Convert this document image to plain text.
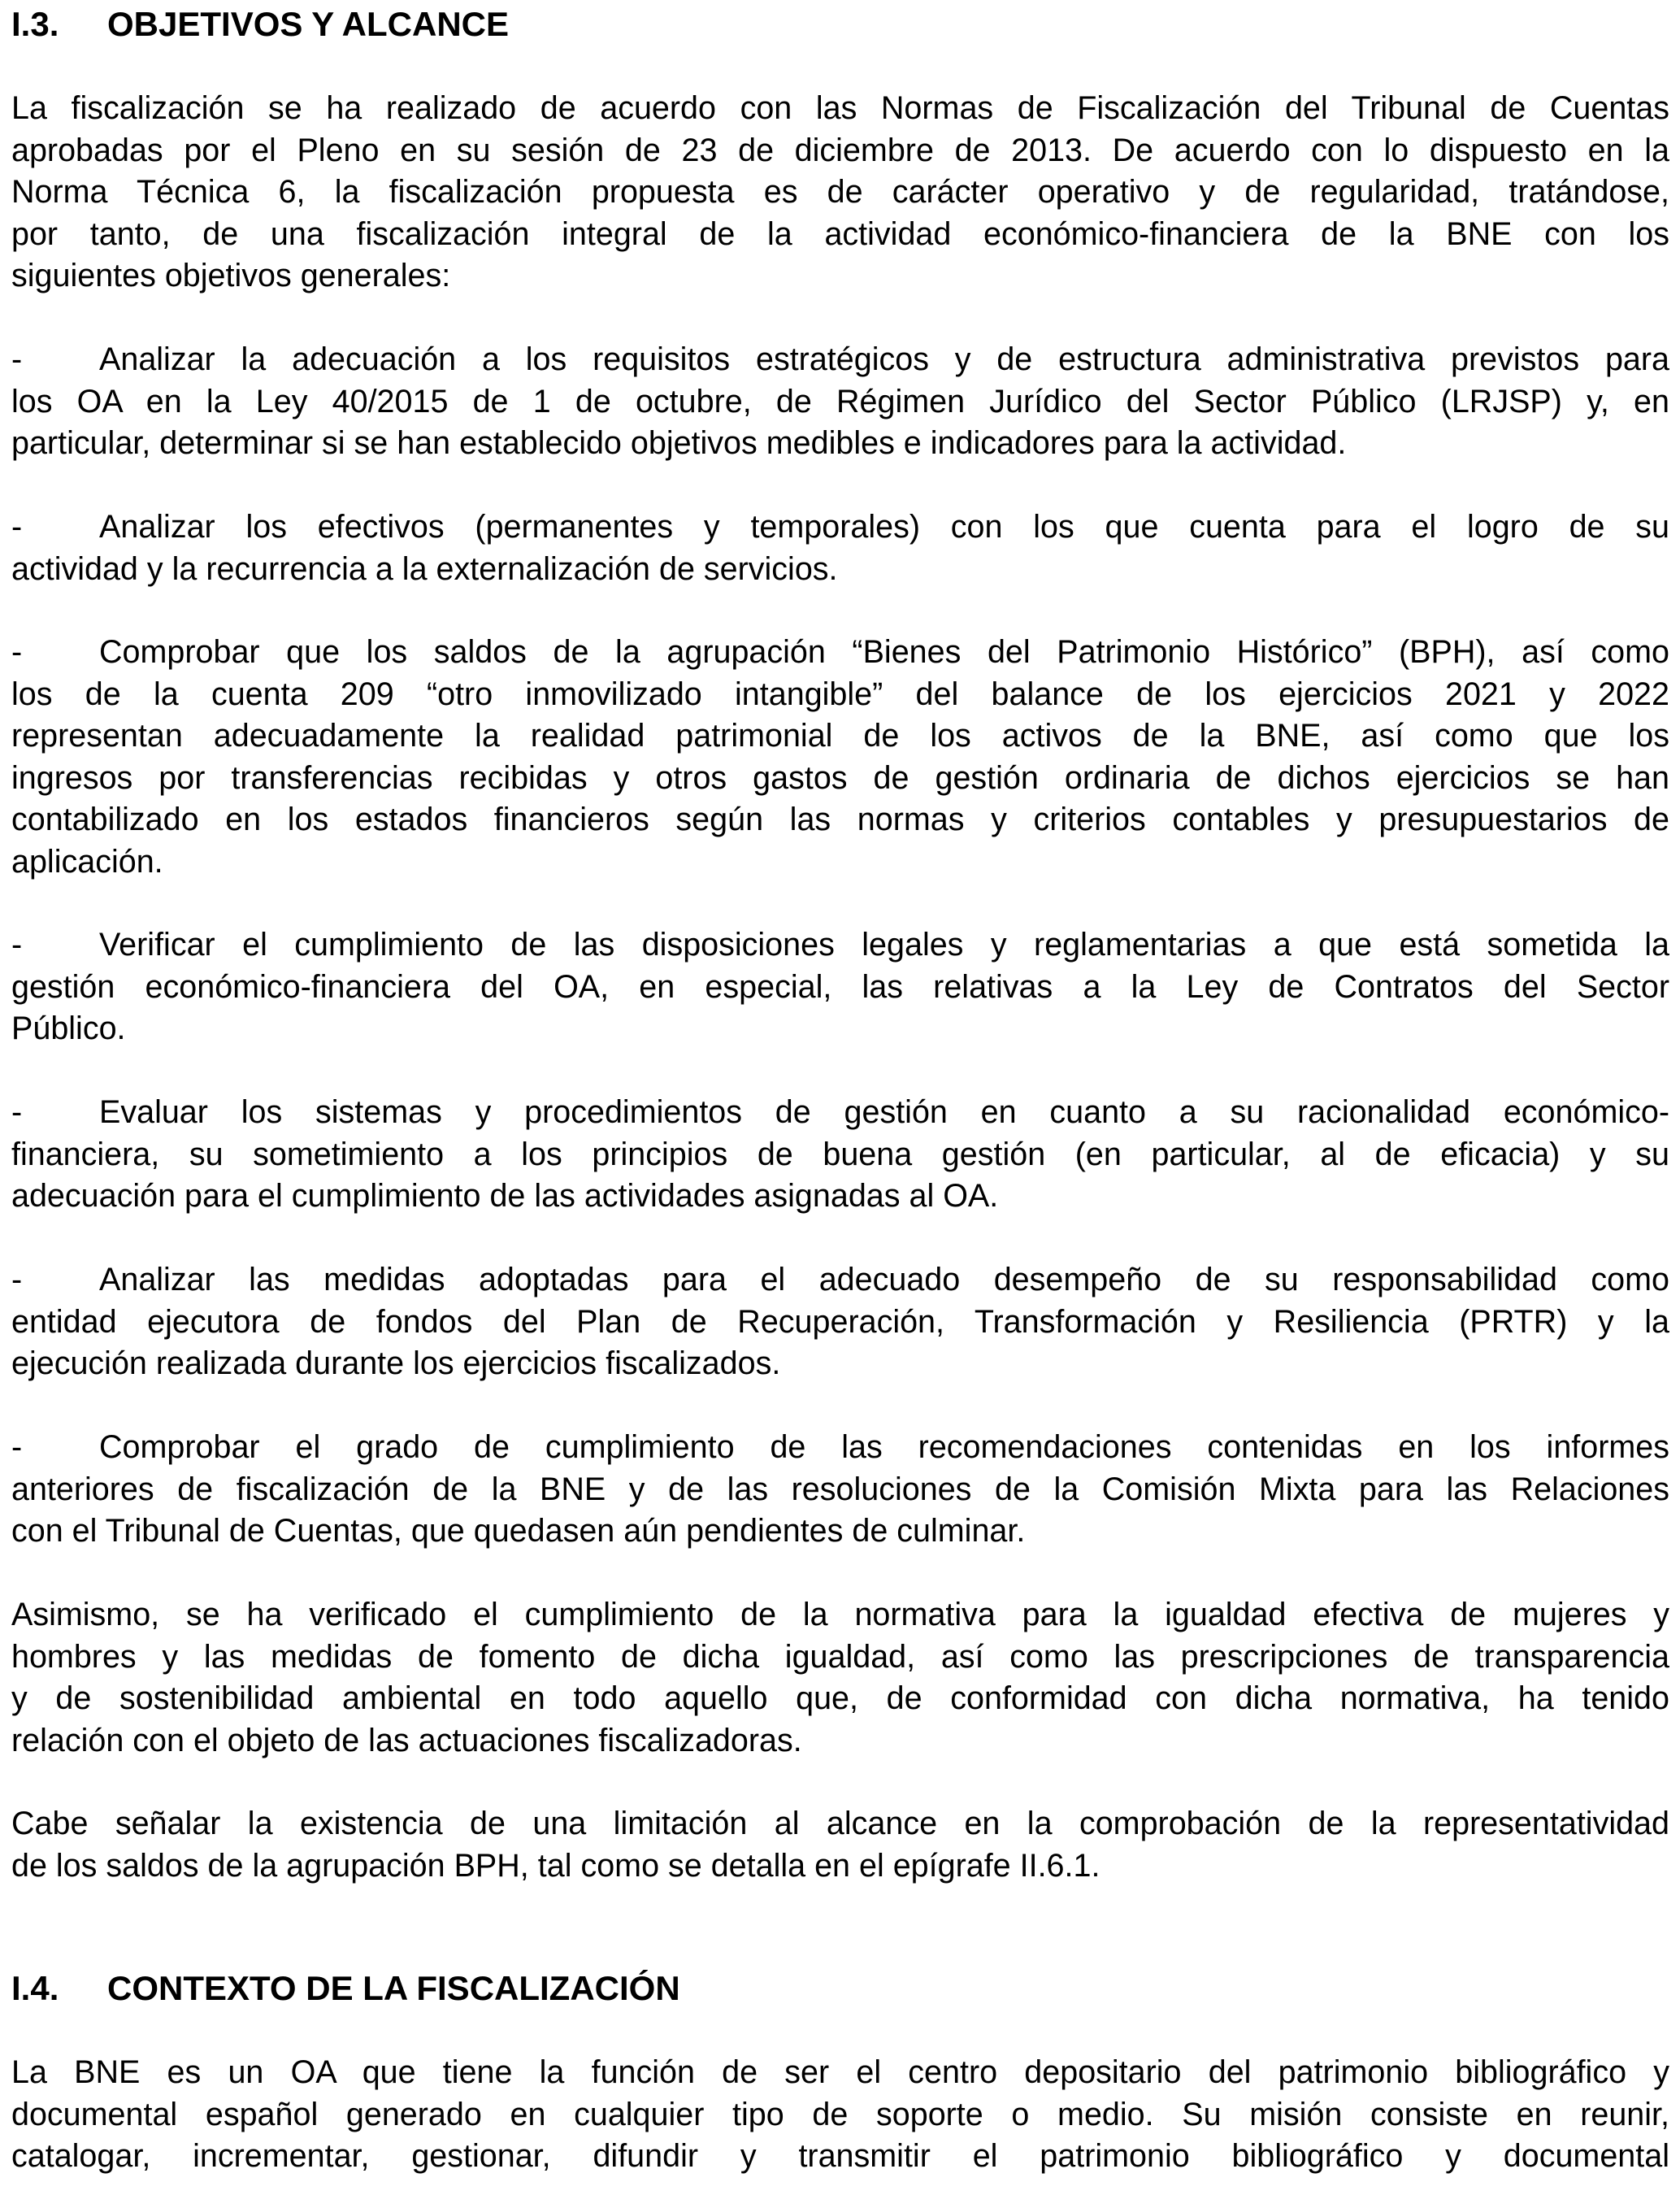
I.3. OBJETIVOS Y ALCANCE
La fiscalización se ha realizado de acuerdo con las Normas de Fiscalización del Tribunal de Cuentas
aprobadas por el Pleno en su sesión de 23 de diciembre de 2013. De acuerdo con lo dispuesto en la
Norma Técnica 6, la fiscalización propuesta es de carácter operativo y de regularidad, tratándose,
por tanto, de una fiscalización integral de la actividad económico-financiera de la BNE con los
siguientes objetivos generales:
-	Analizar la adecuación a los requisitos estratégicos y de estructura administrativa previstos para
los OA en la Ley 40/2015 de 1 de octubre, de Régimen Jurídico del Sector Público (LRJSP) y, en
particular, determinar si se han establecido objetivos medibles e indicadores para la actividad.
-	Analizar los efectivos (permanentes y temporales) con los que cuenta para el logro de su
actividad y la recurrencia a la externalización de servicios.
-	Comprobar que los saldos de la agrupación “Bienes del Patrimonio Histórico” (BPH), así como
los de la cuenta 209 “otro inmovilizado intangible” del balance de los ejercicios 2021 y 2022
representan adecuadamente la realidad patrimonial de los activos de la BNE, así como que los
ingresos por transferencias recibidas y otros gastos de gestión ordinaria de dichos ejercicios se han
contabilizado en los estados financieros según las normas y criterios contables y presupuestarios de
aplicación.
-	Verificar el cumplimiento de las disposiciones legales y reglamentarias a que está sometida la
gestión económico-financiera del OA, en especial, las relativas a la Ley de Contratos del Sector
Público.
-	Evaluar los sistemas y procedimientos de gestión en cuanto a su racionalidad económico-
financiera, su sometimiento a los principios de buena gestión (en particular, al de eficacia) y su
adecuación para el cumplimiento de las actividades asignadas al OA.
-	Analizar las medidas adoptadas para el adecuado desempeño de su responsabilidad como
entidad ejecutora de fondos del Plan de Recuperación, Transformación y Resiliencia (PRTR) y la
ejecución realizada durante los ejercicios fiscalizados.
-	Comprobar el grado de cumplimiento de las recomendaciones contenidas en los informes
anteriores de fiscalización de la BNE y de las resoluciones de la Comisión Mixta para las Relaciones
con el Tribunal de Cuentas, que quedasen aún pendientes de culminar.
Asimismo, se ha verificado el cumplimiento de la normativa para la igualdad efectiva de mujeres y
hombres y las medidas de fomento de dicha igualdad, así como las prescripciones de transparencia
y de sostenibilidad ambiental en todo aquello que, de conformidad con dicha normativa, ha tenido
relación con el objeto de las actuaciones fiscalizadoras.
Cabe señalar la existencia de una limitación al alcance en la comprobación de la representatividad
de los saldos de la agrupación BPH, tal como se detalla en el epígrafe II.6.1.
I.4. CONTEXTO DE LA FISCALIZACIÓN
La BNE es un OA que tiene la función de ser el centro depositario del patrimonio bibliográfico y
documental español generado en cualquier tipo de soporte o medio. Su misión consiste en reunir,
catalogar, incrementar, gestionar, difundir y transmitir el patrimonio bibliográfico y documental
